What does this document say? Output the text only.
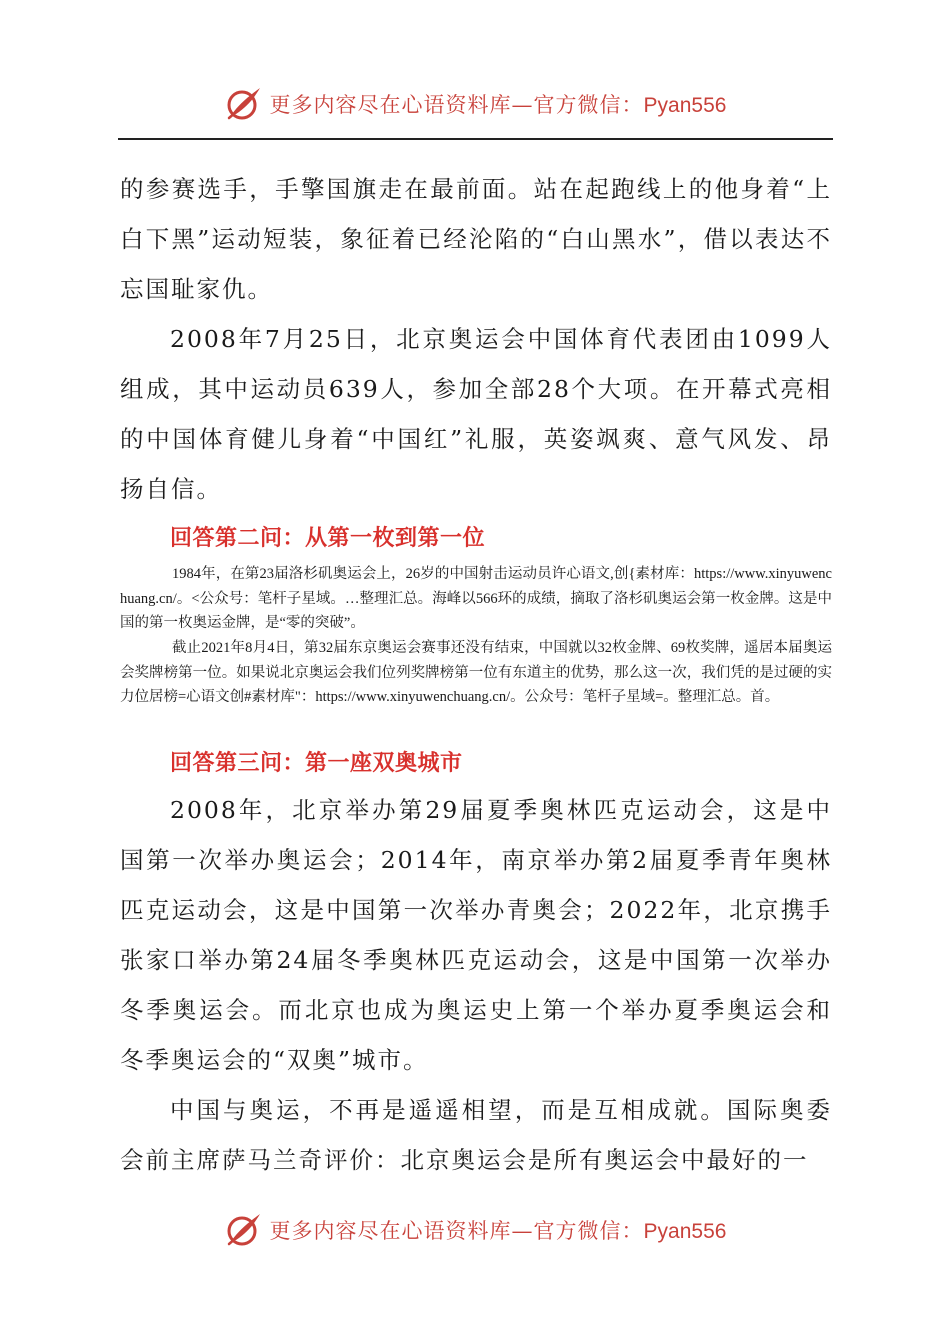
更多内容尽在心语资料库—官方微信：Pyan556

的参赛选手，手擎国旗走在最前面。站在起跑线上的他身着“上白下黑”运动短装，象征着已经沦陷的“白山黑水”，借以表达不忘国耻家仇。

2008年7月25日，北京奥运会中国体育代表团由1099人组成，其中运动员639人，参加全部28个大项。在开幕式亮相的中国体育健儿身着“中国红”礼服，英姿飒爽、意气风发、昂扬自信。

回答第二问：从第一枚到第一位

1984年，在第23届洛杉矶奥运会上，26岁的中国射击运动员许心语文,创{素材库：https://www.xinyuwenchuang.cn/。<公众号：笔杆子星域。…整理汇总。海峰以566环的成绩，摘取了洛杉矶奥运会第一枚金牌。这是中国的第一枚奥运金牌，是“零的突破”。

截止2021年8月4日，第32届东京奥运会赛事还没有结束，中国就以32枚金牌、69枚奖牌，遥居本届奥运会奖牌榜第一位。如果说北京奥运会我们位列奖牌榜第一位有东道主的优势，那么这一次，我们凭的是过硬的实力位居榜=心语文创#素材库"：https://www.xinyuwenchuang.cn/。公众号：笔杆子星域=。整理汇总。首。

回答第三问：第一座双奥城市

2008年，北京举办第29届夏季奥林匹克运动会，这是中国第一次举办奥运会；2014年，南京举办第2届夏季青年奥林匹克运动会，这是中国第一次举办青奥会；2022年，北京携手张家口举办第24届冬季奥林匹克运动会，这是中国第一次举办冬季奥运会。而北京也成为奥运史上第一个举办夏季奥运会和冬季奥运会的“双奥”城市。

中国与奥运，不再是遥遥相望，而是互相成就。国际奥委会前主席萨马兰奇评价：北京奥运会是所有奥运会中最好的一

更多内容尽在心语资料库—官方微信：Pyan556
